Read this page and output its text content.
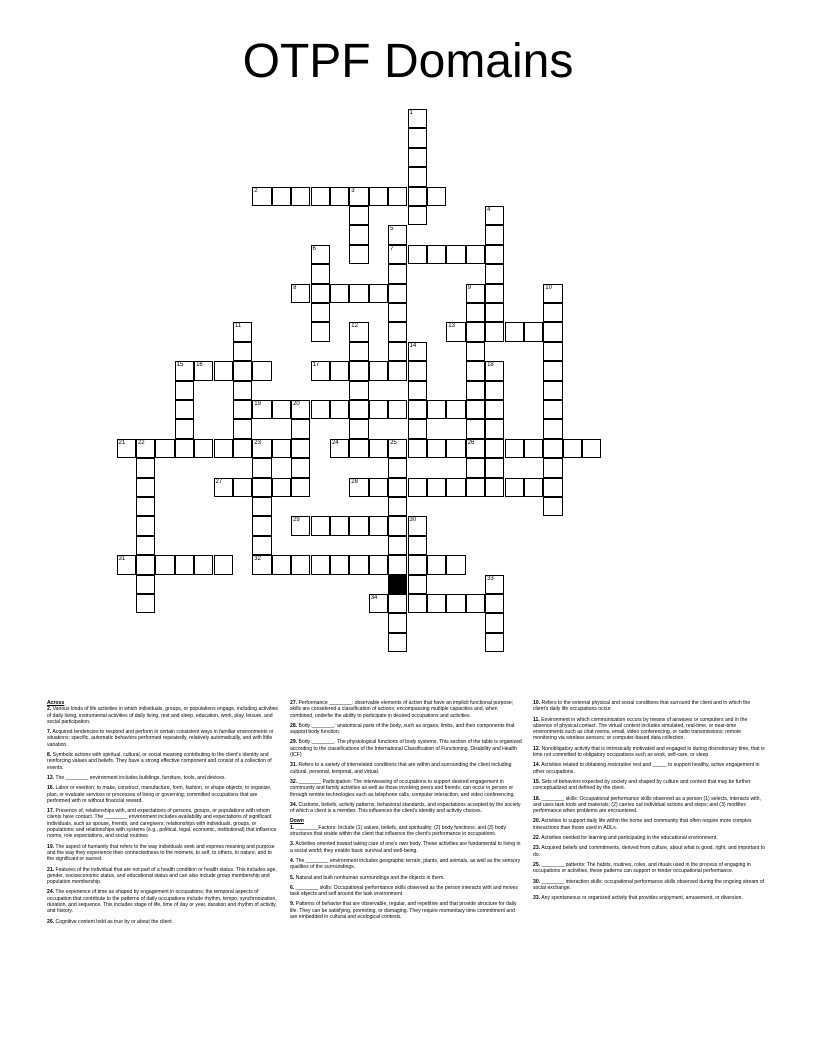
OTPF Domains
1
2	3
4
5
7
6
8	9
26
10
11	12	13
14
15 16	17	18
19	20
21 22	23
32
24	25
27	28
29	30
31
33
34

Across

2. Various kinds of life activities in which individuals, groups, or populations engage, including activities of daily living, instrumental activities of daily living, rest and sleep, education, work, play, leisure, and social participation.

7. Acquired tendencies to respond and perform in certain consistent ways in familiar environments or situations; specific, automatic behaviors performed repeatedly, relatively automatically, and with little variation.

8. Symbolic actions with spiritual, cultural, or social meaning contributing to the client's identity and reinforcing values and beliefs. They have a strong effective component and consist of a collection of events.

13. The ________ environment includes buildings, furniture, tools, and devices.

16. Labor or exertion; to make, construct, manufacture, form, fashion, or shape objects; to organize, plan, or evaluate services or processes of living or governing; committed occupations that are performed with or without financial reward.

17. Presence of, relationships with, and expectations of persons, groups, or populations with whom clients have contact. The ________ environment includes availability and expectations of significant individuals, such as spouse, friends, and caregivers; relationships with individuals, groups, or populations; and relationships with systems (e.g., political, legal, economic, institutional) that influence norms, role expectations, and social routines.

19. The aspect of humanity that refers to the way individuals seek and express meaning and purpose and the way they experience their connectedness to the moment, to self, to others, to nature, and to the significant or sacred.

21. Features of the individual that are not part of a health condition or health status. This includes age, gender, socioeconomic status, and educational status and can also include group membership and population membership.

24. The experience of time as shaped by engagement in occupations; the temporal aspects of occupation that contribute to the patterns of daily occupations include rhythm, tempo, synchronization, duration, and sequence. This includes stage of life, time of day or year, duration and rhythm of activity, and history.

26. Cognitive content held as true by or about the client.

27. Performance ________: observable elements of action that have an implicit functional purpose; skills are considered a classification of actions; encompassing multiple capacities and, when combined, underlie the ability to participate in desired occupations and activities.

28. Body ________: anatomical parts of the body, such as organs, limbs, and their components that support body function.

29. Body ________. The physiological functions of body systems. This section of the table is organized according to the classifications of the International Classification of Functioning, Disability and Health (ICF)

31. Refers to a variety of interrelated conditions that are within and surrounding the client including cultural, personal, temporal, and virtual.

32. ________ Participation: The interweaving of occupations to support desired engagement in community and family activities as well as those involving peers and friends; can occur in person or through remote technologies such as telephone calls, computer interaction, and video conferencing.

34. Customs, beliefs, activity patterns, behavioral standards, and expectations accepted by the society of which a client is a member. This influences the client's identity and activity choices.

Down

1. ________Factors: Include (1) values, beliefs, and spirituality; (2) body functions; and (3) body structures that reside within the client that influence the client's performance in occupations.

3. Activities oriented toward taking care of one's own body. These activities are fundamental to living in a social world; they enable basic survival and well-being.

4. The ________ environment includes geographic terrain, plants, and animals, as well as the sensory qualities of the surroundings.

5. Natural and built nonhuman surroundings and the objects in them.

6. ________ skills: Occupational performance skills observed as the person interacts with and moves task objects and self around the task environment

9. Patterns of behavior that are observable, regular, and repetitive and that provide structure for daily life. They can be satisfying, promoting, or damaging. They require momentary time commitment and are embedded in cultural and ecological contexts.

10. Refers to the external physical and social conditions that surround the client and in which the client's daily life occupations occur

11. Environment in which communication occurs by means of airwaves or computers and in the absence of physical contact. The virtual context includes simulated, real-time, or near-time environments such as chat rooms, email, video conferencing, or radio transmissions; remote monitoring via wireless sensors; or computer-based data collection.

12. Nonobligatory activity that is intrinsically motivated and engaged in during discretionary time, that is time not committed to obligatory occupations such as work, self-care, or sleep.

14. Activities related to obtaining restorative rest and _____ to support healthy, active engagement in other occupations.

15. Sets of behaviors expected by society and shaped by culture and context that may be further conceptualized and defined by the client.

18. ________ skills: Occupational performance skills observed as a person (1) selects, interacts with, and uses task tools and materials; (2) carries out individual actions and steps; and (3) modifies performance when problems are encountered.

20. Activities to support daily life within the home and community that often require more complex interactions than those used in ADLs.

22. Activities needed for learning and participating in the educational environment.

23. Acquired beliefs and commitments, derived from culture, about what is good, right, and important to do.

25. ________ patterns: The habits, routines, roles, and rituals used in the process of engaging in occupations or activities, these patterns can support or hinder occupational performance.

30. ________ interaction skills: occupational performance skills observed during the ongoing stream of social exchange.

33. Any spontaneous or organized activity that provides enjoyment, amusement, or diversion.
